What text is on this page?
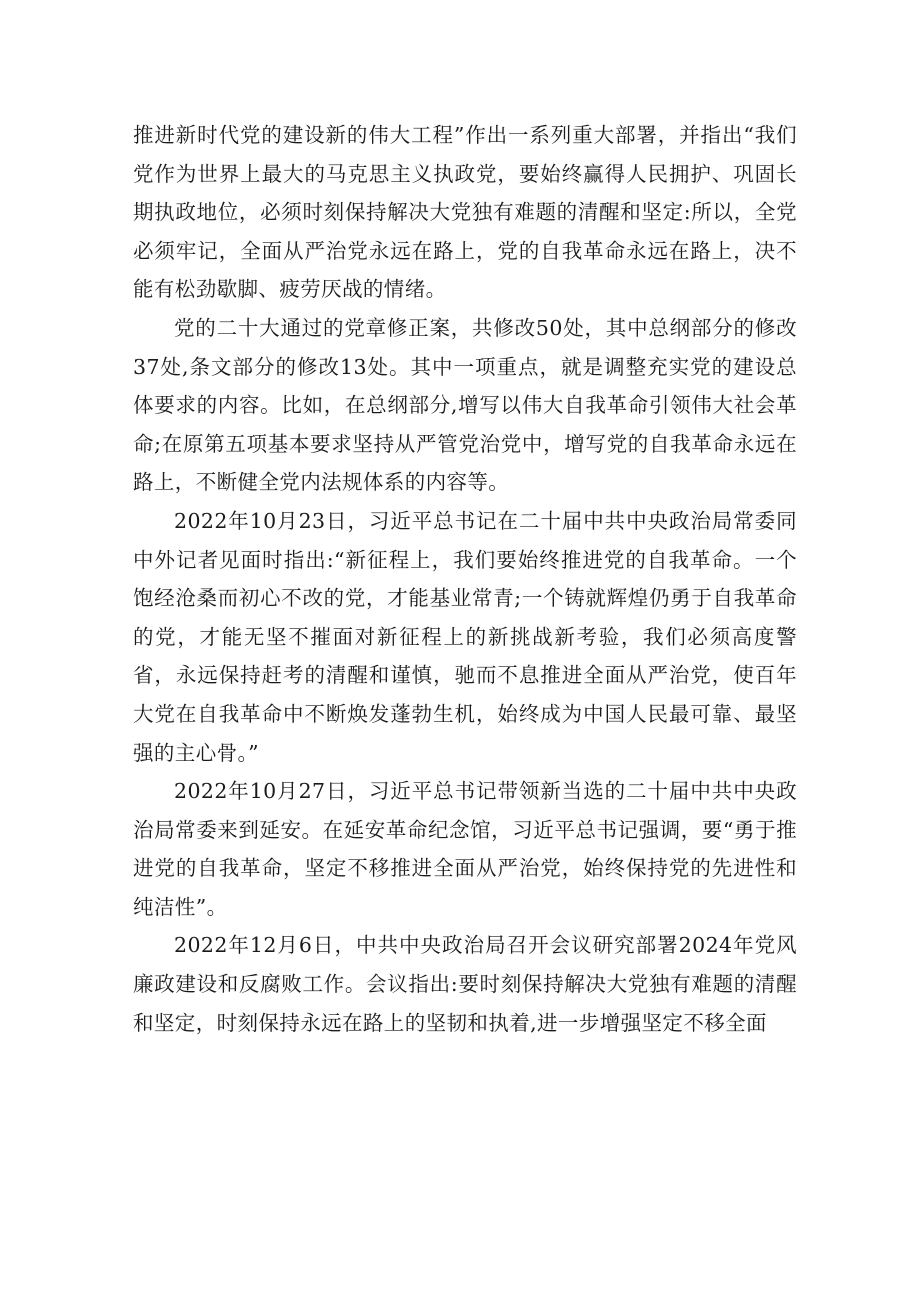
推进新时代党的建设新的伟大工程”作出一系列重大部署，并指出“我们党作为世界上最大的马克思主义执政党，要始终赢得人民拥护、巩固长期执政地位，必须时刻保持解决大党独有难题的清醒和坚定:所以，全党必须牢记，全面从严治党永远在路上，党的自我革命永远在路上，决不能有松劲歇脚、疲劳厌战的情绪。

党的二十大通过的党章修正案，共修改50处，其中总纲部分的修改37处,条文部分的修改13处。其中一项重点，就是调整充实党的建设总体要求的内容。比如，在总纲部分,增写以伟大自我革命引领伟大社会革命;在原第五项基本要求坚持从严管党治党中，增写党的自我革命永远在路上，不断健全党内法规体系的内容等。

2022年10月23日，习近平总书记在二十届中共中央政治局常委同中外记者见面时指出:“新征程上，我们要始终推进党的自我革命。一个饱经沧桑而初心不改的党，才能基业常青;一个铸就辉煌仍勇于自我革命的党，才能无坚不摧面对新征程上的新挑战新考验，我们必须高度警省，永远保持赶考的清醒和谨慎，驰而不息推进全面从严治党，使百年大党在自我革命中不断焕发蓬勃生机，始终成为中国人民最可靠、最坚强的主心骨。”

2022年10月27日，习近平总书记带领新当选的二十届中共中央政治局常委来到延安。在延安革命纪念馆，习近平总书记强调，要“勇于推进党的自我革命，坚定不移推进全面从严治党，始终保持党的先进性和纯洁性”。

2022年12月6日，中共中央政治局召开会议研究部署2024年党风廉政建设和反腐败工作。会议指出:要时刻保持解决大党独有难题的清醒和坚定，时刻保持永远在路上的坚韧和执着,进一步增强坚定不移全面
